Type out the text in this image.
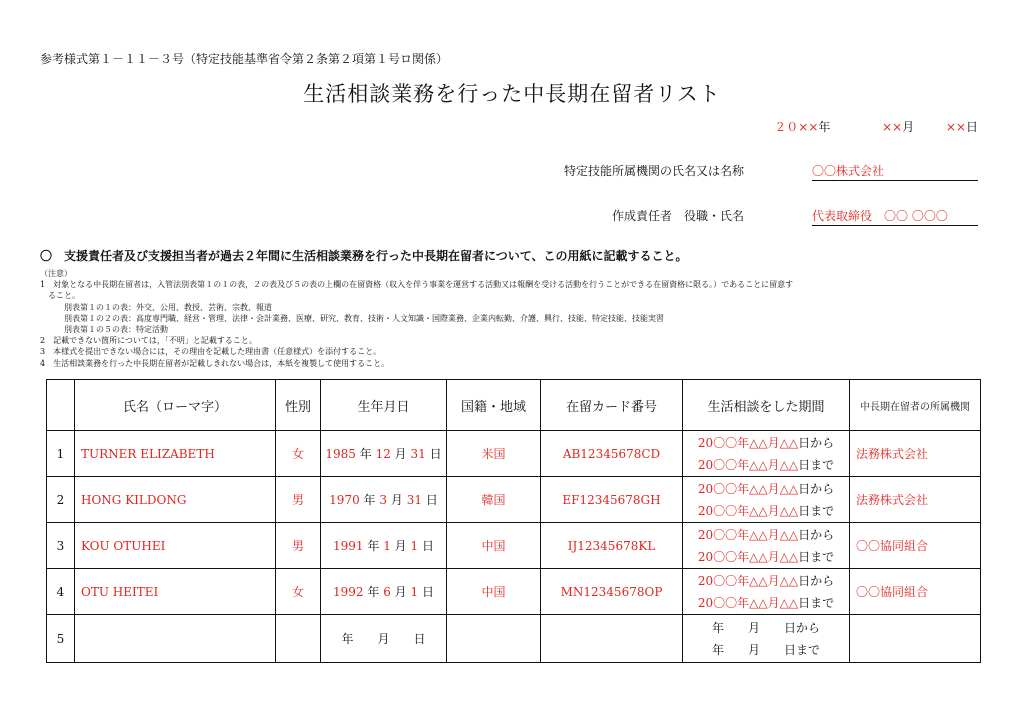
参考様式第１－１１－３号（特定技能基準省令第２条第２項第１号ロ関係）
生活相談業務を行った中長期在留者リスト
２０××年	××月	××日
特定技能所属機関の氏名又は名称	〇〇株式会社
作成責任者　役職・氏名	代表取締役　〇〇 〇〇〇
〇　支援責任者及び支援担当者が過去２年間に生活相談業務を行った中長期在留者について、この用紙に記載すること。
（注意）
1　対象となる中長期在留者は，入管法別表第１の１の表，２の表及び５の表の上欄の在留資格（収入を伴う事業を運営する活動又は報酬を受ける活動を行うことができる在留資格に限る。）であることに留意す
ること。
別表第１の１の表：外交、公用、教授、芸術、宗教、報道
別表第１の２の表：高度専門職、経営・管理、法律・会計業務、医療、研究、教育、技術・人文知識・国際業務、企業内転勤、介護、興行、技能、特定技能、技能実習
別表第１の５の表：特定活動
2　記載できない箇所については，「不明」と記載すること。
3　本様式を提出できない場合には，その理由を記載した理由書（任意様式）を添付すること。
4　生活相談業務を行った中長期在留者が記載しきれない場合は，本紙を複製して使用すること。
	氏名（ローマ字）	性別	生年月日	国籍・地域	在留カード番号	生活相談をした期間	中長期在留者の所属機関
1	TURNER ELIZABETH	女	1985 年 12 月 31 日	米国	AB12345678CD	20〇〇年△△月△△日から
20〇〇年△△月△△日まで	法務株式会社
2	HONG KILDONG	男	1970 年 3 月 31 日	韓国	EF12345678GH	20〇〇年△△月△△日から
20〇〇年△△月△△日まで	法務株式会社
3	KOU OTUHEI	男	1991 年 1 月 1 日	中国	IJ12345678KL	20〇〇年△△月△△日から
20〇〇年△△月△△日まで	〇〇協同組合
4	OTU HEITEI	女	1992 年 6 月 1 日	中国	MN12345678OP	20〇〇年△△月△△日から
20〇〇年△△月△△日まで	〇〇協同組合
5			年　　月　　日			年　　月　　日から
年　　月　　日まで	
